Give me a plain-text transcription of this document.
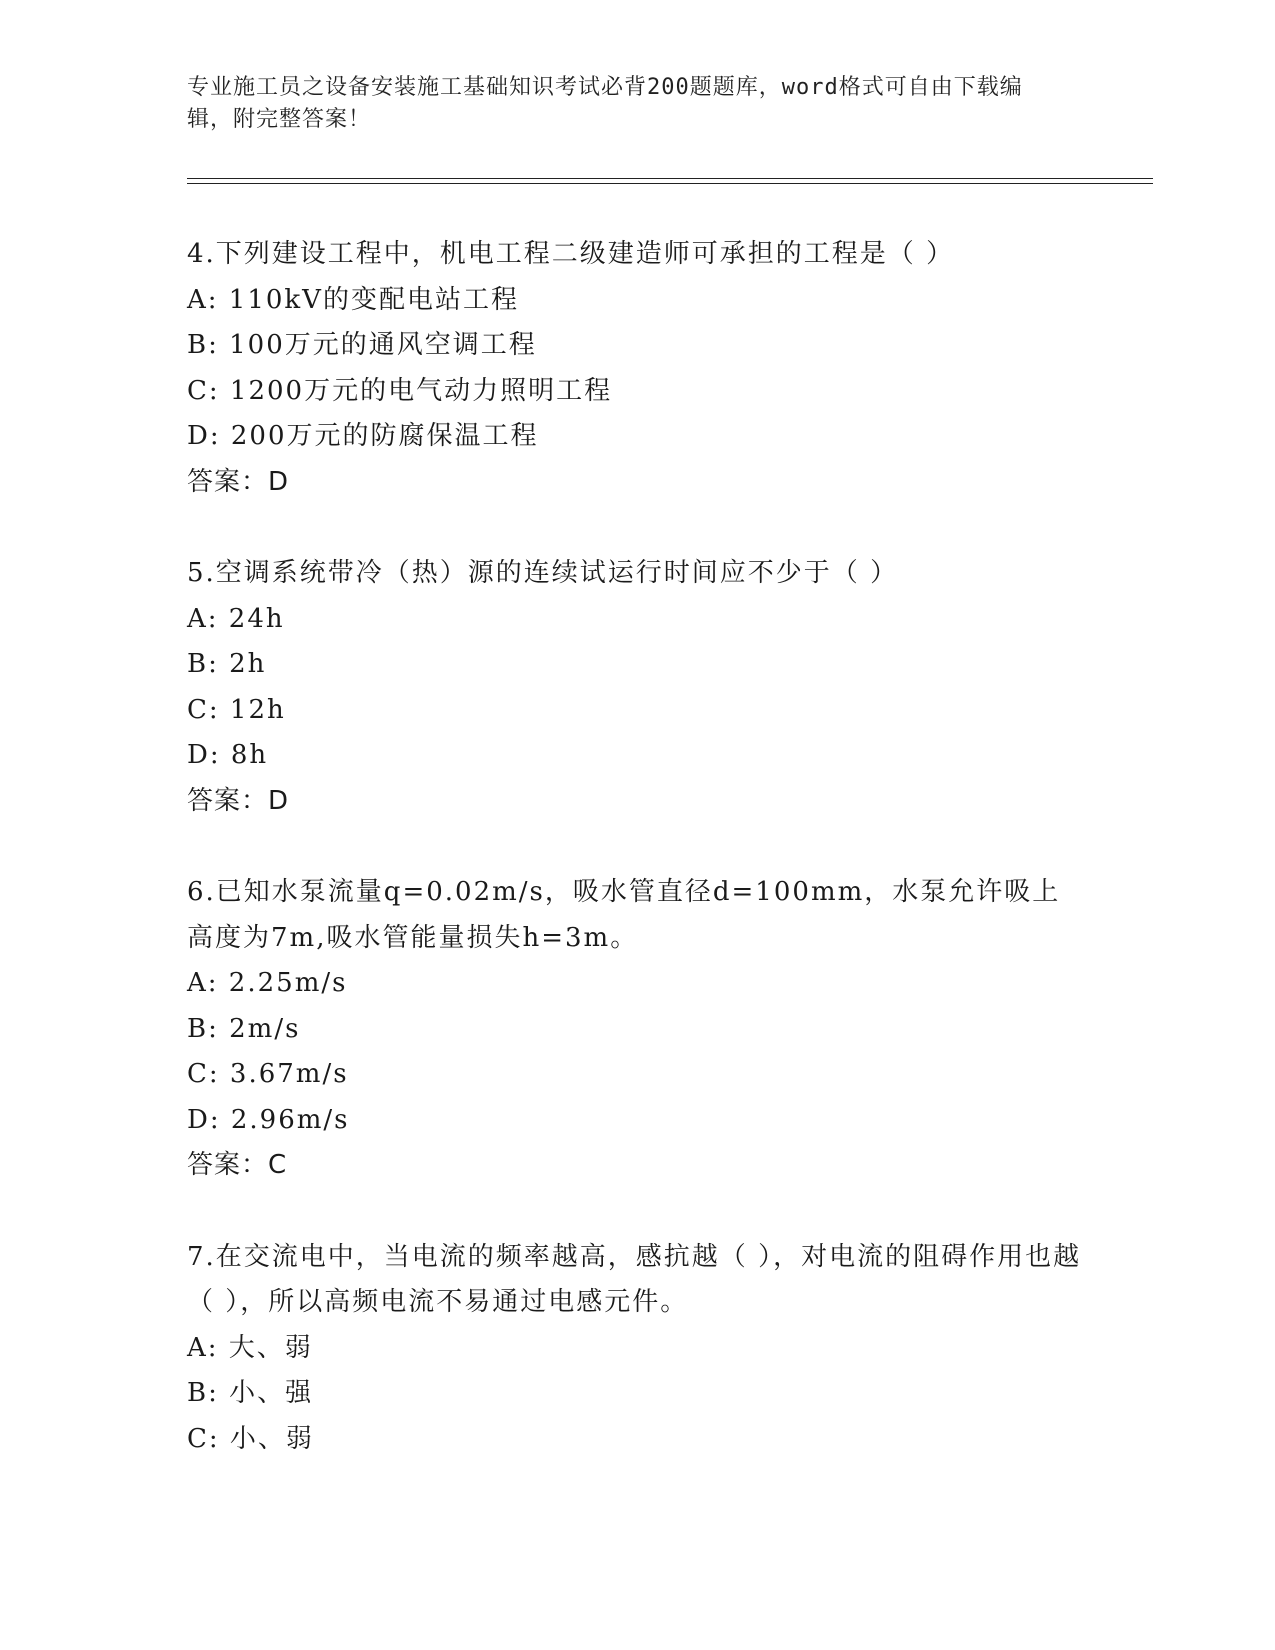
专业施工员之设备安装施工基础知识考试必背200题题库，word格式可自由下载编辑，附完整答案！
4.下列建设工程中，机电工程二级建造师可承担的工程是（ ）
A: 110kV的变配电站工程
B: 100万元的通风空调工程
C: 1200万元的电气动力照明工程
D: 200万元的防腐保温工程
答案：D
5.空调系统带冷（热）源的连续试运行时间应不少于（ ）
A: 24h
B: 2h
C: 12h
D: 8h
答案：D
6.已知水泵流量q=0.02m/s，吸水管直径d=100mm，水泵允许吸上高度为7m,吸水管能量损失h=3m。
A: 2.25m/s
B: 2m/s
C: 3.67m/s
D: 2.96m/s
答案：C
7.在交流电中，当电流的频率越高，感抗越（ ），对电流的阻碍作用也越（ ），所以高频电流不易通过电感元件。
A: 大、弱
B: 小、强
C: 小、弱
